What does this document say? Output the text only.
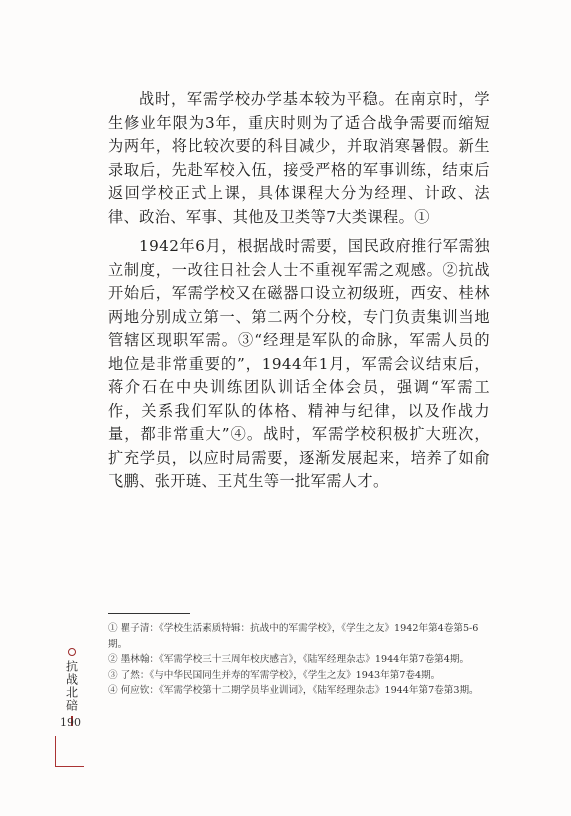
战时，军需学校办学基本较为平稳。在南京时，学生修业年限为3年，重庆时则为了适合战争需要而缩短为两年，将比较次要的科目减少，并取消寒暑假。新生录取后，先赴军校入伍，接受严格的军事训练，结束后返回学校正式上课，具体课程大分为经理、计政、法律、政治、军事、其他及卫类等7大类课程。①

1942年6月，根据战时需要，国民政府推行军需独立制度，一改往日社会人士不重视军需之观感。②抗战开始后，军需学校又在磁器口设立初级班，西安、桂林两地分别成立第一、第二两个分校，专门负责集训当地管辖区现职军需。③“经理是军队的命脉，军需人员的地位是非常重要的”，1944年1月，军需会议结束后，蒋介石在中央训练团队训话全体会员，强调“军需工作，关系我们军队的体格、精神与纪律，以及作战力量，都非常重大”④。战时，军需学校积极扩大班次，扩充学员，以应时局需要，逐渐发展起来，培养了如俞飞鹏、张开琏、王芃生等一批军需人才。

① 瞿子清：《学校生活素质特辑：抗战中的军需学校》，《学生之友》1942年第4卷第5-6期。
② 墨林翰：《军需学校三十三周年校庆感言》，《陆军经理杂志》1944年第7卷第4期。
③ 了然：《与中华民国同生并寿的军需学校》，《学生之友》1943年第7卷4期。
④ 何应钦：《军需学校第十二期学员毕业训词》，《陆军经理杂志》1944年第7卷第3期。
抗战北碚
190
